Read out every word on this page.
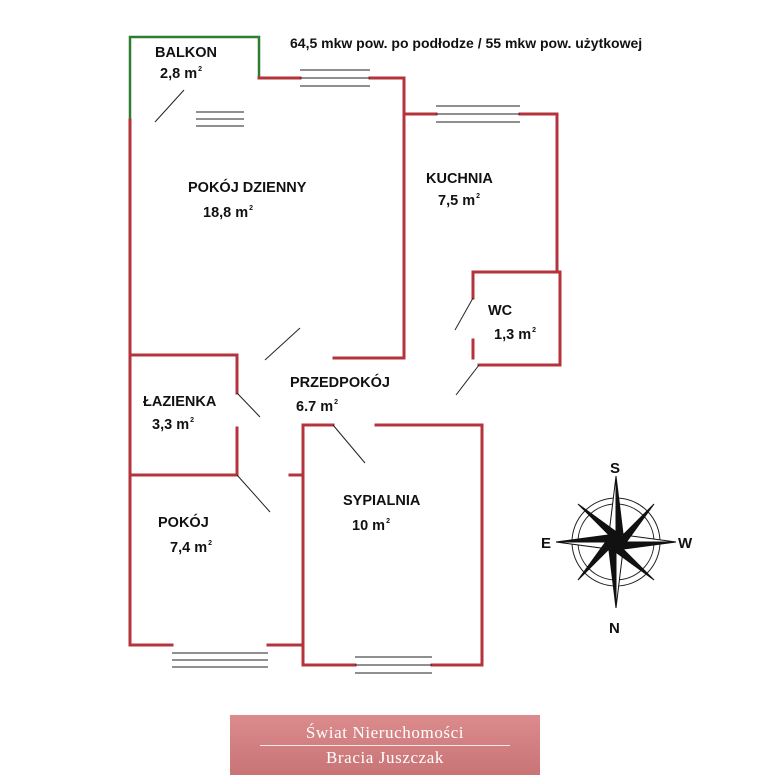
64,5 mkw pow. po podłodze / 55 mkw pow. użytkowej
BALKON
2,8 $m^2$
POKÓJ DZIENNY
18,8 $m^2$
KUCHNIA
7,5 $m^2$
WC
1,3 $m^2$
PRZEDPOKÓJ
6.7 $m^2$
ŁAZIENKA
3,3 $m^2$
SYPIALNIA
10 $m^2$
POKÓJ
7,4 $m^2$
S
E	W
N
Świat Nieruchomości
Bracia Juszczak
